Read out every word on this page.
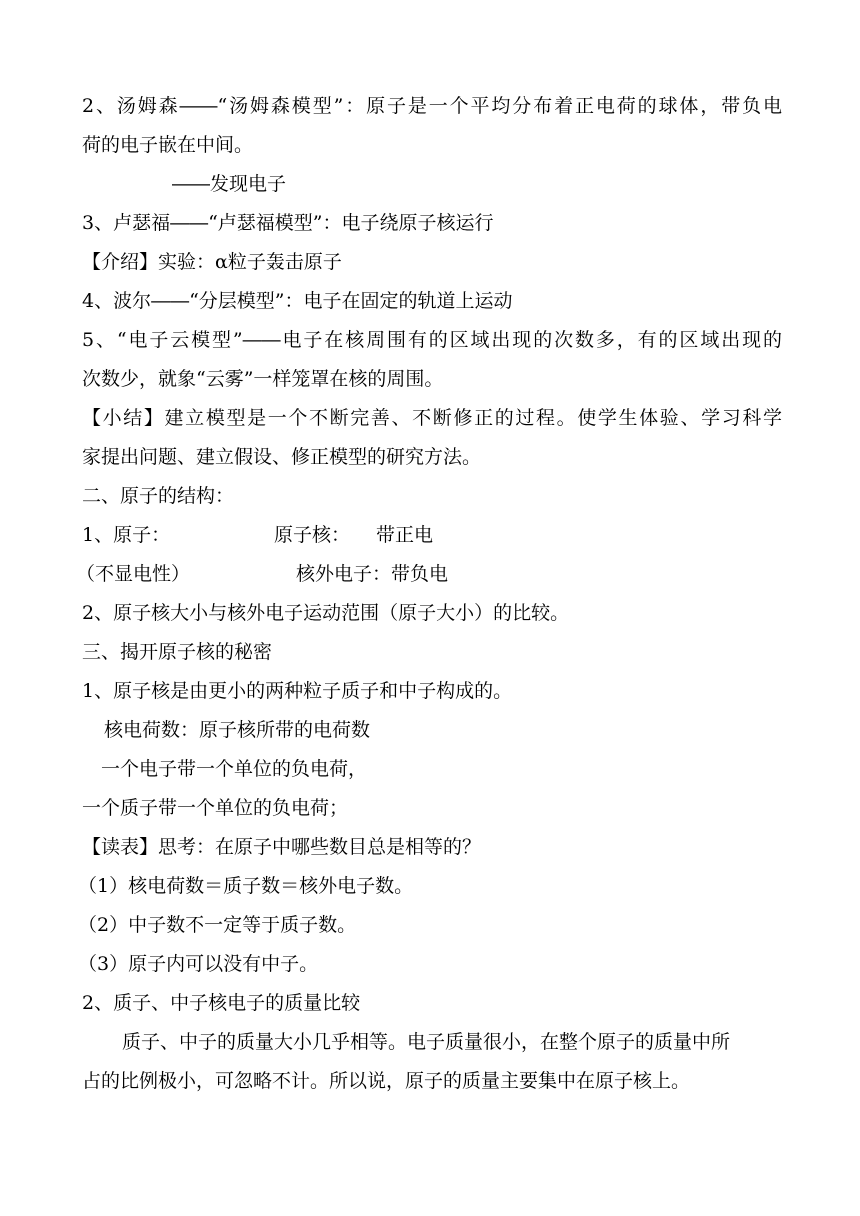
2、汤姆森――“汤姆森模型”：原子是一个平均分布着正电荷的球体，带负电
荷的电子嵌在中间。
――发现电子
3、卢瑟福――“卢瑟福模型”：电子绕原子核运行
【介绍】实验：α粒子轰击原子
4、波尔――“分层模型”：电子在固定的轨道上运动
5、“电子云模型”――电子在核周围有的区域出现的次数多，有的区域出现的
次数少，就象“云雾”一样笼罩在核的周围。
【小结】建立模型是一个不断完善、不断修正的过程。使学生体验、学习科学
家提出问题、建立假设、修正模型的研究方法。
二、原子的结构：
1、原子：	原子核： 带正电
（不显电性）	核外电子：带负电
2、原子核大小与核外电子运动范围（原子大小）的比较。
三、揭开原子核的秘密
1、原子核是由更小的两种粒子质子和中子构成的。
核电荷数：原子核所带的电荷数
一个电子带一个单位的负电荷，
一个质子带一个单位的负电荷；
【读表】思考：在原子中哪些数目总是相等的？
（1）核电荷数＝质子数＝核外电子数。
（2）中子数不一定等于质子数。
（3）原子内可以没有中子。
2、质子、中子核电子的质量比较
质子、中子的质量大小几乎相等。电子质量很小，在整个原子的质量中所
占的比例极小，可忽略不计。所以说，原子的质量主要集中在原子核上。
